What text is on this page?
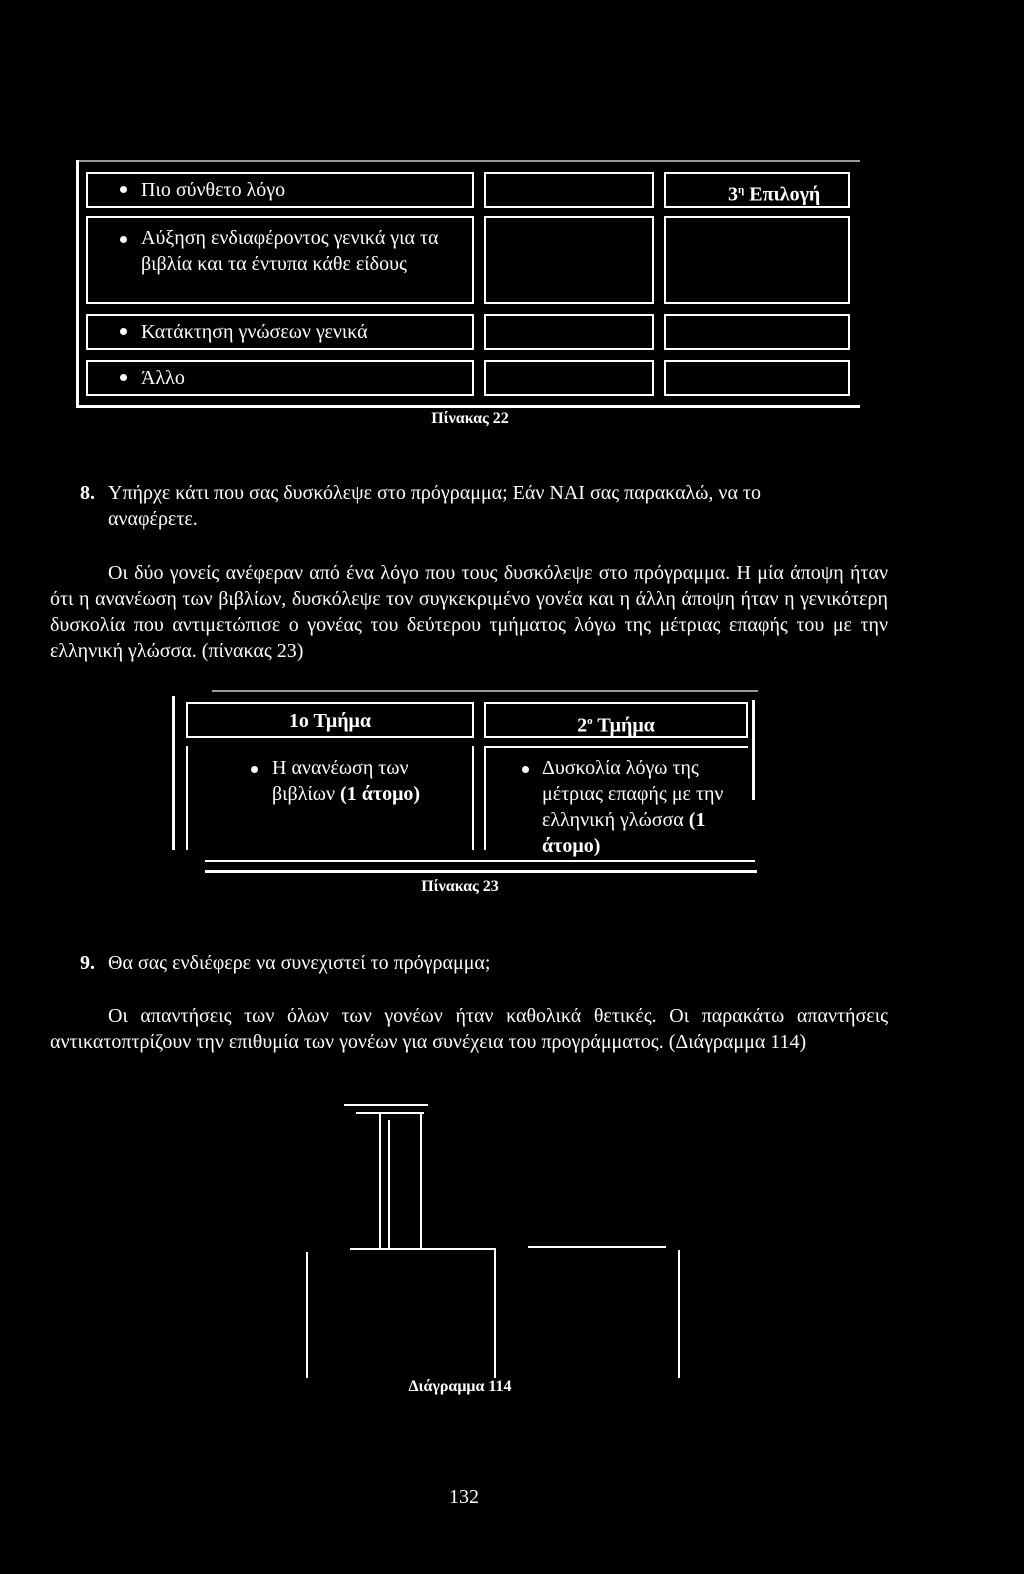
Πιο σύνθετο λόγο	$3^\eta$ Επιλογή
Αύξηση ενδιαφέροντος γενικά για τα βιβλία και τα έντυπα κάθε είδους
Κατάκτηση γνώσεων γενικά
Άλλο
Πίνακας 22
8. Υπήρχε κάτι που σας δυσκόλεψε στο πρόγραμμα; Εάν ΝΑΙ σας παρακαλώ, να το αναφέρετε.
Οι δύο γονείς ανέφεραν από ένα λόγο που τους δυσκόλεψε στο πρόγραμμα. Η μία άποψη ήταν ότι η ανανέωση των βιβλίων, δυσκόλεψε τον συγκεκριμένο γονέα και η άλλη άποψη ήταν η γενικότερη δυσκολία που αντιμετώπισε ο γονέας του δεύτερου τμήματος λόγω της μέτριας επαφής του με την ελληνική γλώσσα. (πίνακας 23)
1ο Τμήμα	$2^o$ Τμήμα
Η ανανέωση των βιβλίων (1 άτομο)
Δυσκολία λόγω της μέτριας επαφής με την ελληνική γλώσσα (1 άτομο)
Πίνακας 23
9. Θα σας ενδιέφερε να συνεχιστεί το πρόγραμμα;
Οι απαντήσεις των όλων των γονέων ήταν καθολικά θετικές. Οι παρακάτω απαντήσεις αντικατοπτρίζουν την επιθυμία των γονέων για συνέχεια του προγράμματος. (Διάγραμμα 114)
Διάγραμμα 114
132
